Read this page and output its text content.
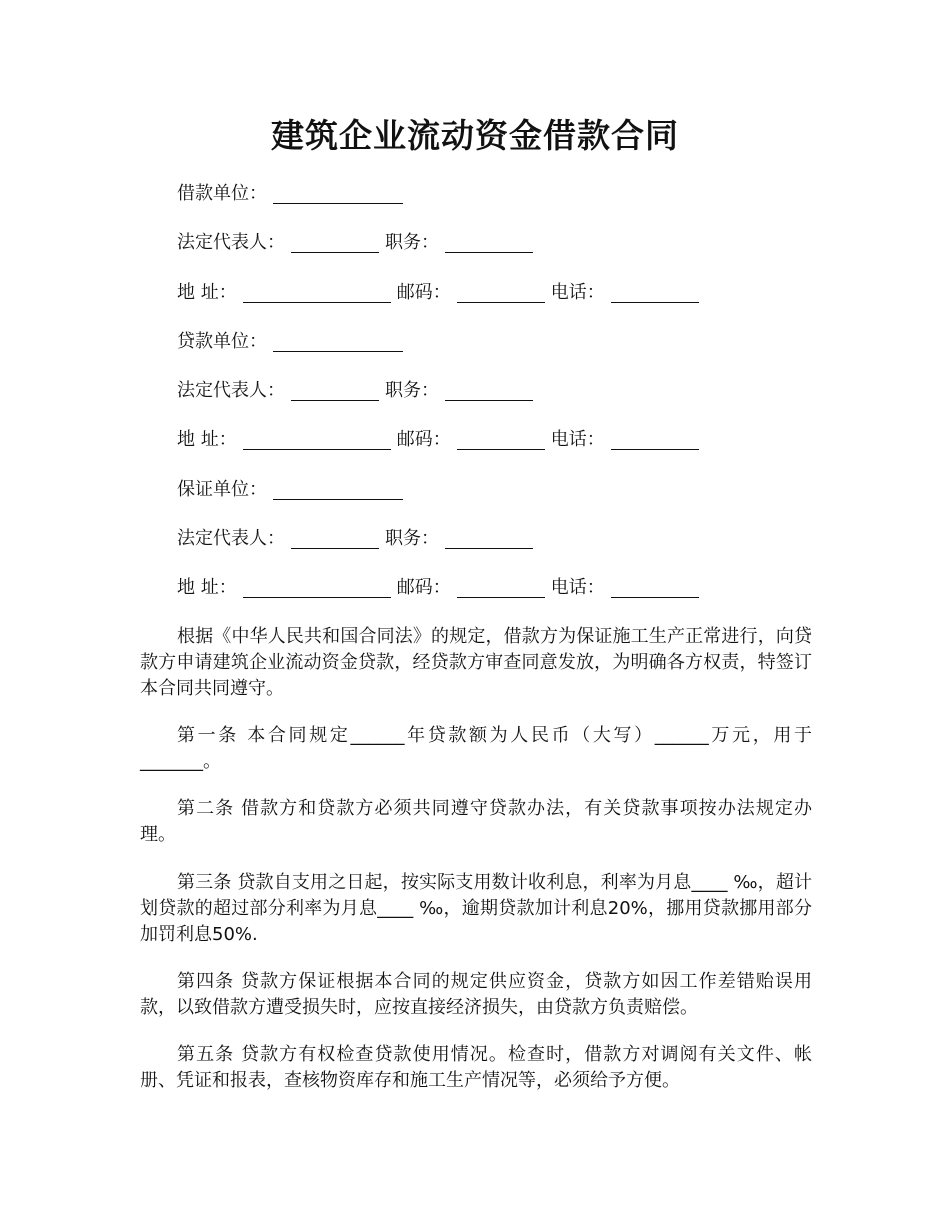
建筑企业流动资金借款合同
借款单位：
法定代表人：	职务：
地 址：	邮码：	电话：
贷款单位：
法定代表人：	职务：
地 址：	邮码：	电话：
保证单位：
法定代表人：	职务：
地 址：	邮码：	电话：

根据《中华人民共和国合同法》的规定，借款方为保证施工生产正常进行，向贷款方申请建筑企业流动资金贷款，经贷款方审查同意发放，为明确各方权责，特签订本合同共同遵守。

第一条 本合同规定______年贷款额为人民币（大写）______万元，用于_______。

第二条 借款方和贷款方必须共同遵守贷款办法，有关贷款事项按办法规定办理。

第三条 贷款自支用之日起，按实际支用数计收利息，利率为月息____ ‰，超计划贷款的超过部分利率为月息____ ‰，逾期贷款加计利息20%，挪用贷款挪用部分加罚利息50%.

第四条 贷款方保证根据本合同的规定供应资金，贷款方如因工作差错贻误用款，以致借款方遭受损失时，应按直接经济损失，由贷款方负责赔偿。

第五条 贷款方有权检查贷款使用情况。检查时，借款方对调阅有关文件、帐册、凭证和报表，查核物资库存和施工生产情况等，必须给予方便。
